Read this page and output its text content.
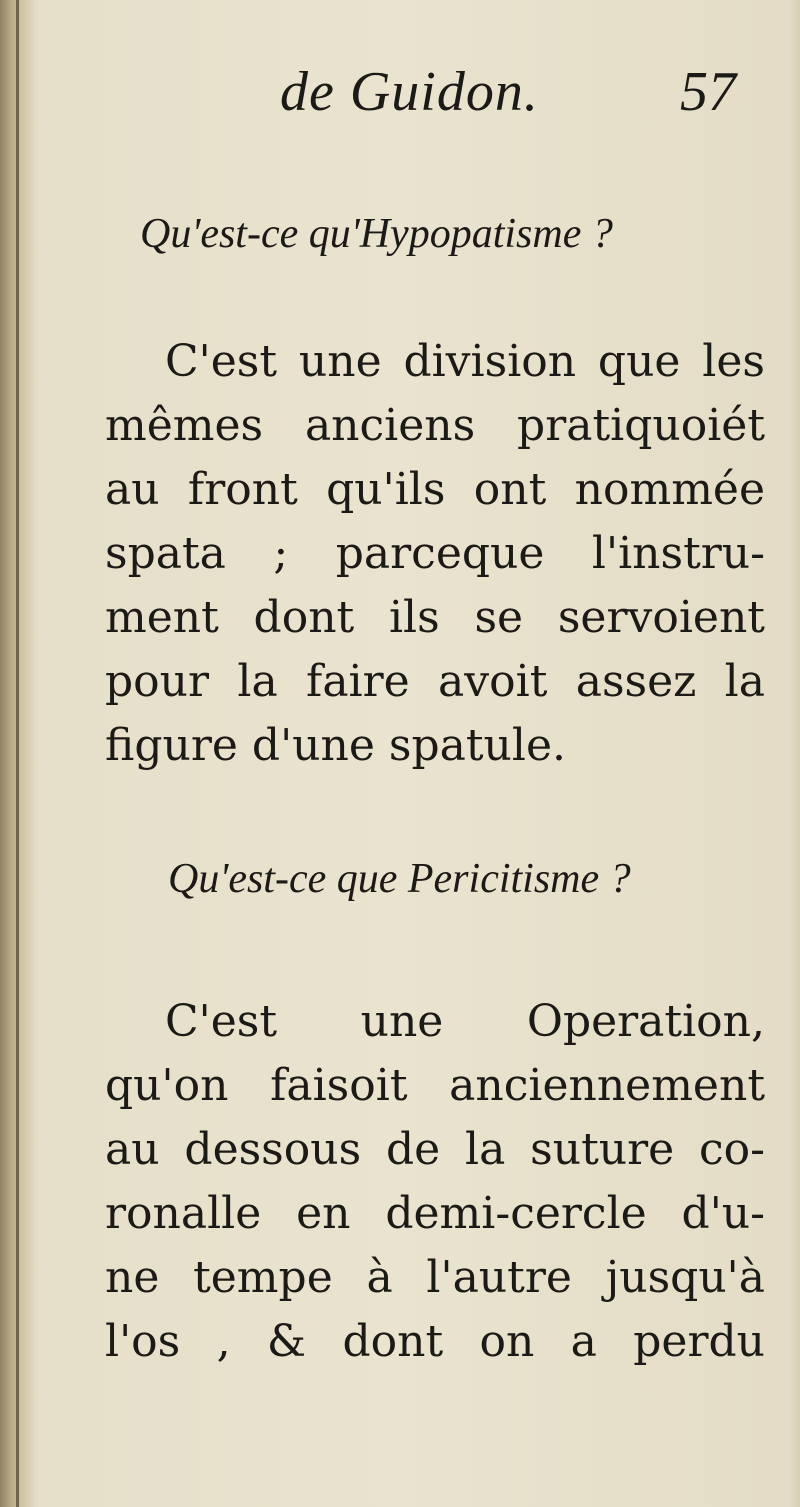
de Guidon.	57
Qu'est-ce qu'Hypopatisme ?
C'est une division que les
mêmes anciens pratiquoiét
au front qu'ils ont nommée
spata ; parceque l'instru-
ment dont ils se servoient
pour la faire avoit assez la
figure d'une spatule.
Qu'est-ce que Pericitisme ?
C'est une Operation,
qu'on faisoit anciennement
au dessous de la suture co-
ronalle en demi-cercle d'u-
ne tempe à l'autre jusqu'à
l'os , & dont on a perdu
